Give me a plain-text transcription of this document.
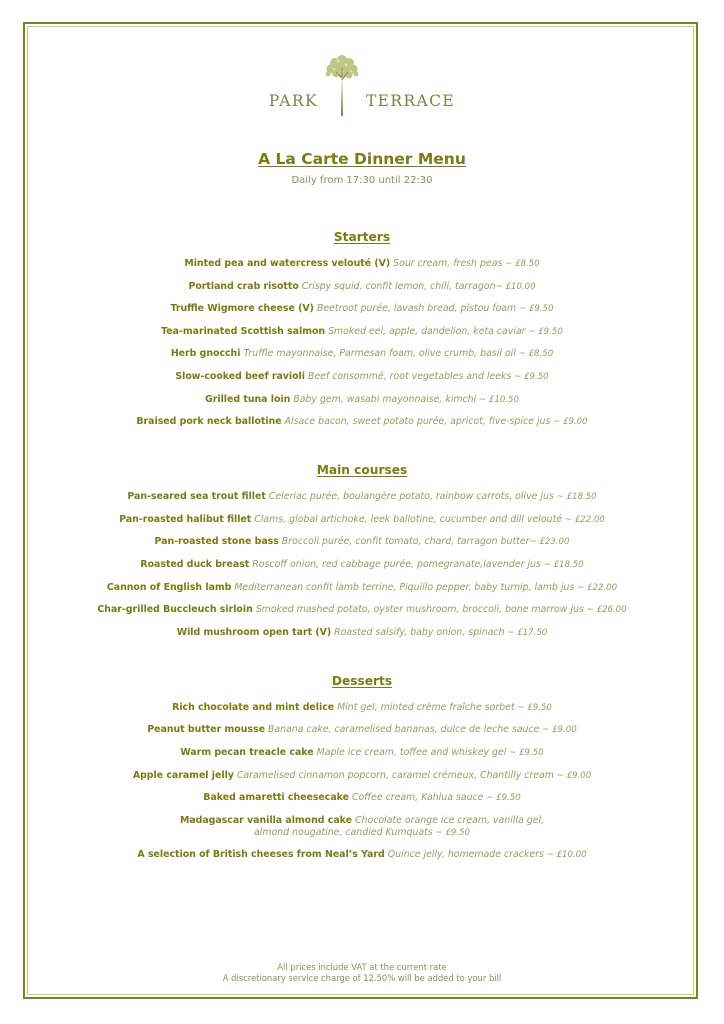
PARK	TERRACE
A La Carte Dinner Menu
Daily from 17:30 until 22:30
Starters
Minted pea and watercress velouté (V) Sour cream, fresh peas ~ £8.50
Portland crab risotto Crispy squid, confit lemon, chili, tarragon~ £10.00
Truffle Wigmore cheese (V) Beetroot purée, lavash bread, pistou foam ~ £9.50
Tea-marinated Scottish salmon Smoked eel, apple, dandelion, keta caviar ~ £9.50
Herb gnocchi Truffle mayonnaise, Parmesan foam, olive crumb, basil oil ~ £8.50
Slow-cooked beef ravioli Beef consommé, root vegetables and leeks ~ £9.50
Grilled tuna loin Baby gem, wasabi mayonnaise, kimchi ~ £10.50
Braised pork neck ballotine Alsace bacon, sweet potato purée, apricot, five-spice jus ~ £9.00
Main courses
Pan-seared sea trout fillet Celeriac purée, boulangère potato, rainbow carrots, olive jus ~ £18.50
Pan-roasted halibut fillet Clams, global artichoke, leek ballotine, cucumber and dill velouté ~ £22.00
Pan-roasted stone bass Broccoli purée, confit tomato, chard, tarragon butter~ £23.00
Roasted duck breast Roscoff onion, red cabbage purée, pomegranate,lavender jus ~ £18.50
Cannon of English lamb Mediterranean confit lamb terrine, Piquillo pepper, baby turnip, lamb jus ~ £22.00
Char-grilled Buccleuch sirloin Smoked mashed potato, oyster mushroom, broccoli, bone marrow jus ~ £26.00
Wild mushroom open tart (V) Roasted salsify, baby onion, spinach ~ £17.50
Desserts
Rich chocolate and mint delice Mint gel, minted crème fraîche sorbet ~ £9.50
Peanut butter mousse Banana cake, caramelised bananas, dulce de leche sauce ~ £9.00
Warm pecan treacle cake Maple ice cream, toffee and whiskey gel ~ £9.50
Apple caramel jelly Caramelised cinnamon popcorn, caramel crémeux, Chantilly cream ~ £9.00
Baked amaretti cheesecake Coffee cream, Kahlua sauce ~ £9.50
Madagascar vanilla almond cake Chocolate orange ice cream, vanilla gel,
almond nougatine, candied Kumquats ~ £9.50
A selection of British cheeses from Neal’s Yard Quince jelly, homemade crackers ~ £10.00
All prices include VAT at the current rate
A discretionary service charge of 12.50% will be added to your bill
